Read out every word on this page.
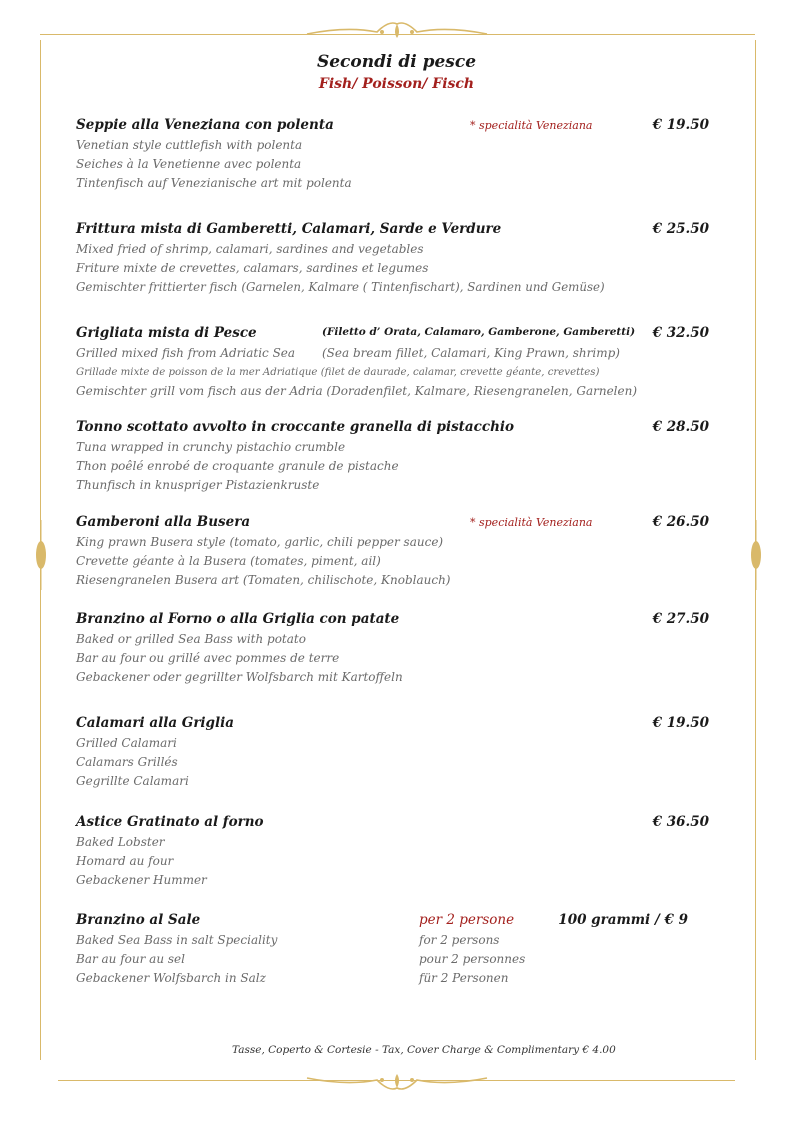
Secondi di pesce
Fish/ Poisson/ Fisch
Seppie alla Veneziana con polenta	* specialità Veneziana	€ 19.50
Venetian style cuttlefish with polenta
Seiches à la Venetienne avec polenta
Tintenfisch auf Venezianische art mit polenta
Frittura mista di Gamberetti, Calamari, Sarde e Verdure	€ 25.50
Mixed fried of shrimp, calamari, sardines and vegetables
Friture mixte de crevettes, calamars, sardines et legumes
Gemischter frittierter fisch (Garnelen, Kalmare ( Tintenfischart), Sardinen und Gemüse)
Grigliata mista di Pesce	(Filetto d’ Orata, Calamaro, Gamberone, Gamberetti) € 32.50
Grilled mixed fish from Adriatic Sea (Sea bream fillet, Calamari, King Prawn, shrimp)
Grillade mixte de poisson de la mer Adriatique (filet de daurade, calamar, crevette géante, crevettes)
Gemischter grill vom fisch aus der Adria (Doradenfilet, Kalmare, Riesengranelen, Garnelen)
Tonno scottato avvolto in croccante granella di pistacchio	€ 28.50
Tuna wrapped in crunchy pistachio crumble
Thon poêlé enrobé de croquante granule de pistache
Thunfisch in knuspriger Pistazienkruste
Gamberoni alla Busera	* specialità Veneziana	€ 26.50
King prawn Busera style (tomato, garlic, chili pepper sauce)
Crevette géante à la Busera (tomates, piment, ail)
Riesengranelen Busera art (Tomaten, chilischote, Knoblauch)
Branzino al Forno o alla Griglia con patate	€ 27.50
Baked or grilled Sea Bass with potato
Bar au four ou grillé avec pommes de terre
Gebackener oder gegrillter Wolfsbarch mit Kartoffeln
Calamari alla Griglia	€ 19.50
Grilled Calamari
Calamars Grillés
Gegrillte Calamari
Astice Gratinato al forno	€ 36.50
Baked Lobster
Homard au four
Gebackener Hummer
Branzino al Sale	per 2 persone	100 grammi / € 9
Baked Sea Bass in salt Speciality	for 2 persons
Bar au four au sel	pour 2 personnes
Gebackener Wolfsbarch in Salz	für 2 Personen
Tasse, Coperto & Cortesie - Tax, Cover Charge & Complimentary € 4.00
